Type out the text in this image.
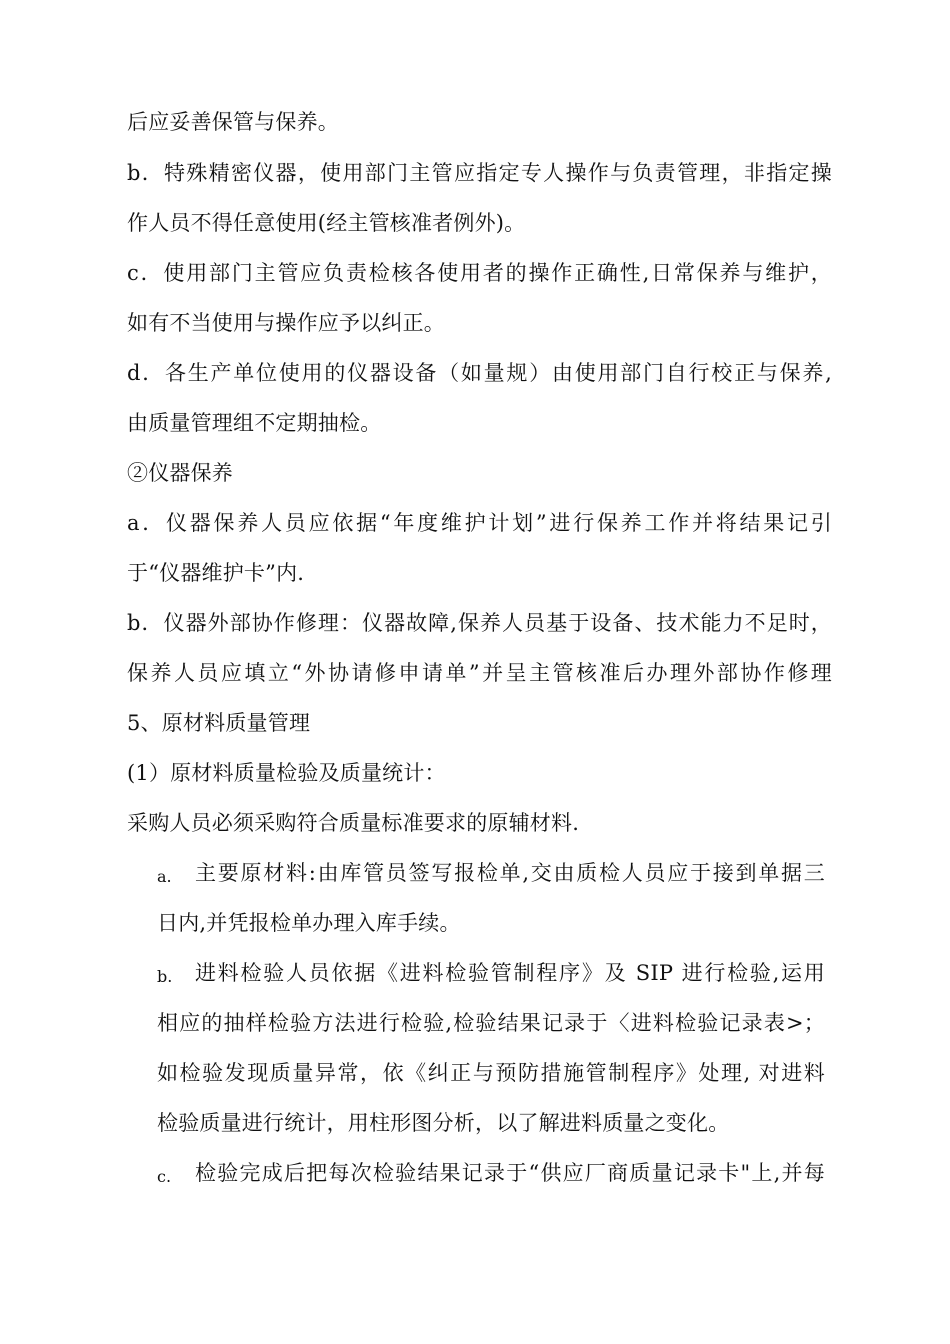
后应妥善保管与保养。
b．特殊精密仪器，使用部门主管应指定专人操作与负责管理，非指定操
作人员不得任意使用(经主管核准者例外)。
c．使用部门主管应负责检核各使用者的操作正确性,日常保养与维护，
如有不当使用与操作应予以纠正。
d．各生产单位使用的仪器设备（如量规）由使用部门自行校正与保养,
由质量管理组不定期抽检。
②仪器保养
a．仪器保养人员应依据“年度维护计划”进行保养工作并将结果记引
于“仪器维护卡”内.
b．仪器外部协作修理：仪器故障,保养人员基于设备、技术能力不足时，
保养人员应填立“外协请修申请单”并呈主管核准后办理外部协作修理
5、原材料质量管理
(1）原材料质量检验及质量统计：
采购人员必须采购符合质量标准要求的原辅材料.
a.	主要原材料:由库管员签写报检单,交由质检人员应于接到单据三
日内,并凭报检单办理入库手续。
b.	进料检验人员依据《进料检验管制程序》及 SIP 进行检验,运用
相应的抽样检验方法进行检验,检验结果记录于〈进料检验记录表>；
如检验发现质量异常，依《纠正与预防措施管制程序》处理, 对进料
检验质量进行统计，用柱形图分析，以了解进料质量之变化。
c.	检验完成后把每次检验结果记录于“供应厂商质量记录卡"上,并每
